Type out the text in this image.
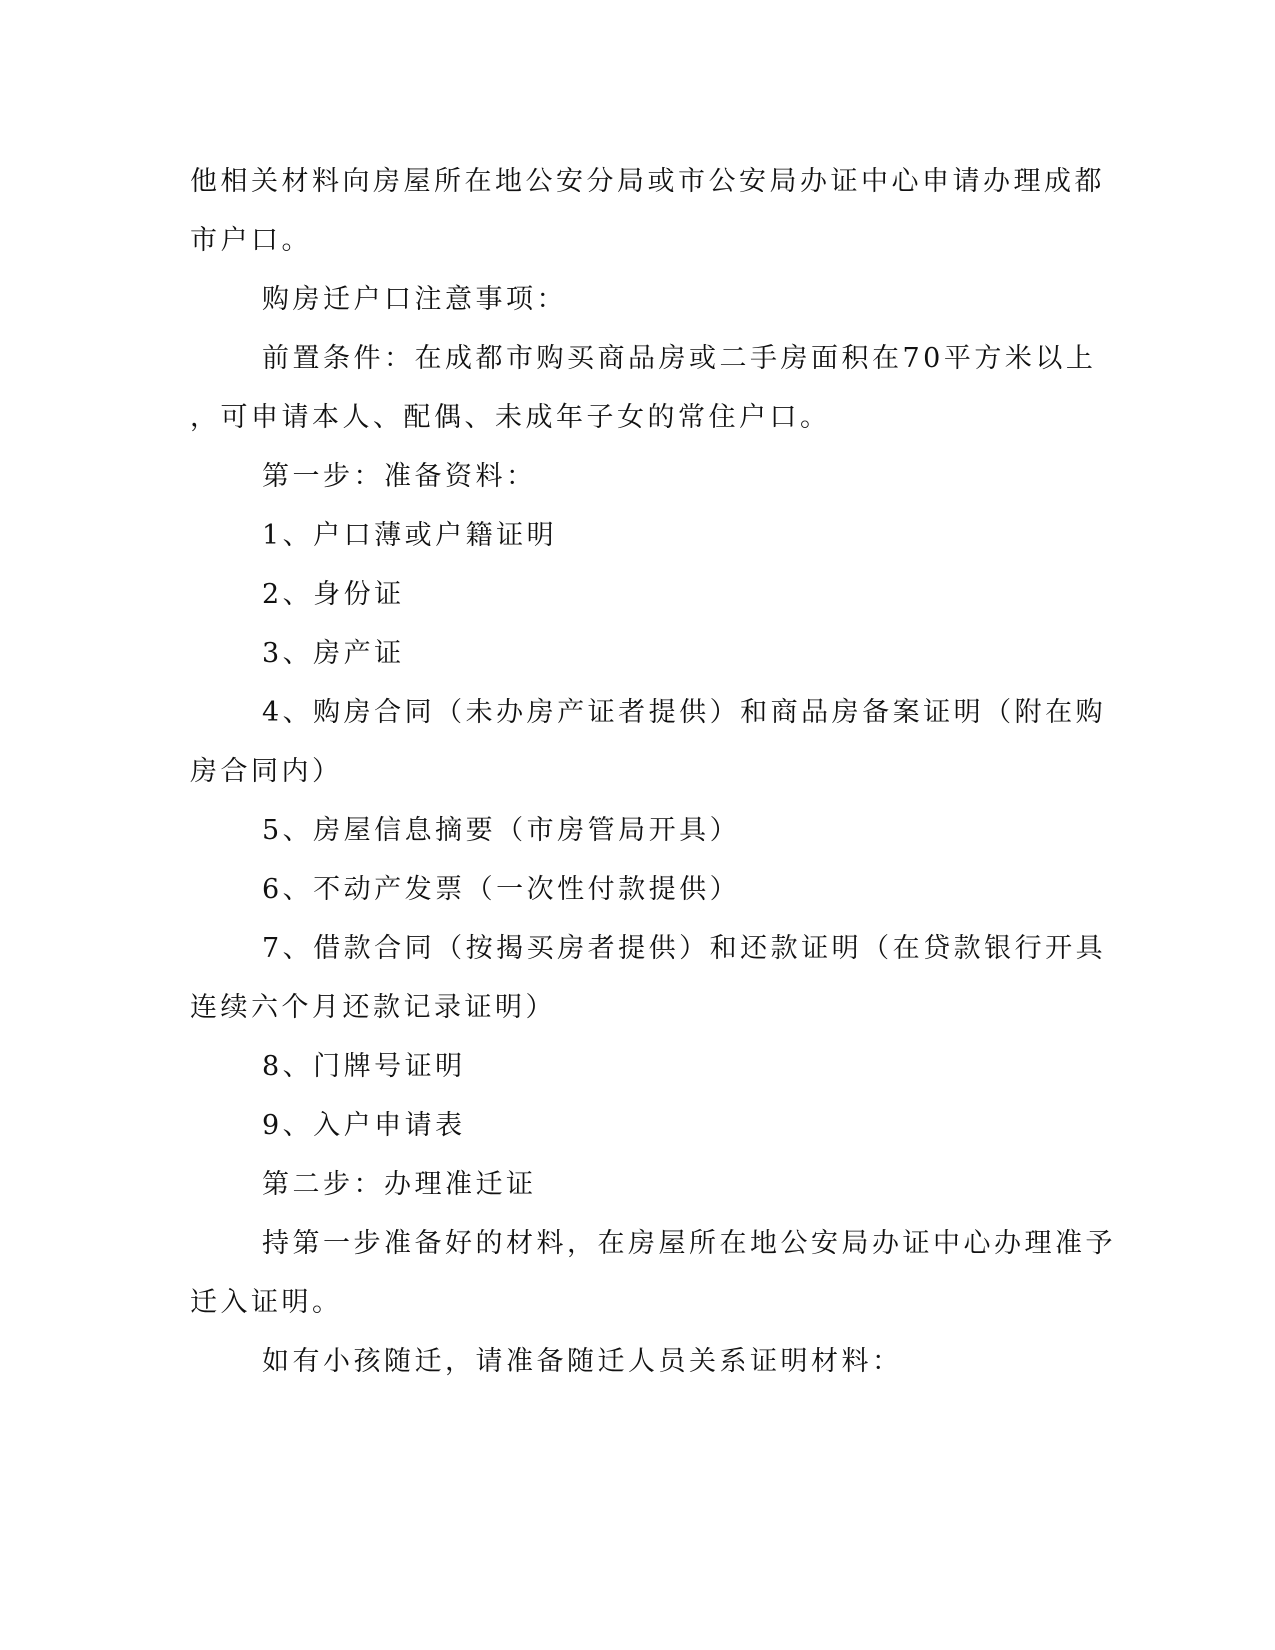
他相关材料向房屋所在地公安分局或市公安局办证中心申请办理成都
市户口。
购房迁户口注意事项：
前置条件：在成都市购买商品房或二手房面积在70平方米以上
，可申请本人、配偶、未成年子女的常住户口。
第一步：准备资料：
1、户口薄或户籍证明
2、身份证
3、房产证
4、购房合同（未办房产证者提供）和商品房备案证明（附在购
房合同内）
5、房屋信息摘要（市房管局开具）
6、不动产发票（一次性付款提供）
7、借款合同（按揭买房者提供）和还款证明（在贷款银行开具
连续六个月还款记录证明）
8、门牌号证明
9、入户申请表
第二步：办理准迁证
持第一步准备好的材料，在房屋所在地公安局办证中心办理准予
迁入证明。
如有小孩随迁，请准备随迁人员关系证明材料：
